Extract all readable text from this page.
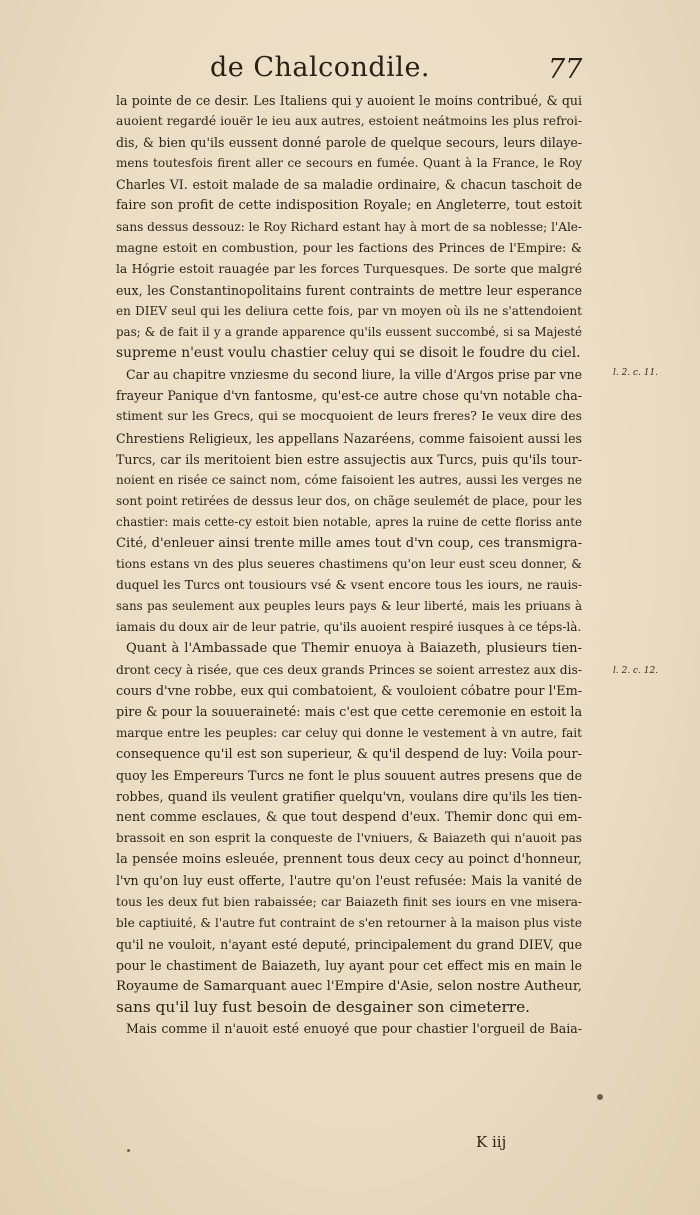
de Chalcondile.	77
la pointe de ce desir. Les Italiens qui y auoient le moins contribué, & qui
auoient regardé iouër le ieu aux autres, estoient neátmoins les plus refroi-
dis, & bien qu'ils eussent donné parole de quelque secours, leurs dilaye-
mens toutesfois firent aller ce secours en fumée. Quant à la France, le Roy
Charles VI. estoit malade de sa maladie ordinaire, & chacun taschoit de
faire son profit de cette indisposition Royale; en Angleterre, tout estoit
sans dessus dessouz: le Roy Richard estant hay à mort de sa noblesse; l'Ale-
magne estoit en combustion, pour les factions des Princes de l'Empire: &
la Hógrie estoit rauagée par les forces Turquesques. De sorte que malgré
eux, les Constantinopolitains furent contraints de mettre leur esperance
en DIEV seul qui les deliura cette fois, par vn moyen où ils ne s'attendoient
pas; & de fait il y a grande apparence qu'ils eussent succombé, si sa Majesté
supreme n'eust voulu chastier celuy qui se disoit le foudre du ciel.
Car au chapitre vnziesme du second liure, la ville d'Argos prise par vne
frayeur Panique d'vn fantosme, qu'est-ce autre chose qu'vn notable cha-
stiment sur les Grecs, qui se mocquoient de leurs freres? Ie veux dire des
Chrestiens Religieux, les appellans Nazaréens, comme faisoient aussi les
Turcs, car ils meritoient bien estre assujectis aux Turcs, puis qu'ils tour-
noient en risée ce sainct nom, cóme faisoient les autres, aussi les verges ne
sont point retirées de dessus leur dos, on chãge seulemét de place, pour les
chastier: mais cette-cy estoit bien notable, apres la ruine de cette floriss ante
Cité, d'enleuer ainsi trente mille ames tout d'vn coup, ces transmigra-
tions estans vn des plus seueres chastimens qu'on leur eust sceu donner, &
duquel les Turcs ont tousiours vsé & vsent encore tous les iours, ne rauis-
sans pas seulement aux peuples leurs pays & leur liberté, mais les priuans à
iamais du doux air de leur patrie, qu'ils auoient respiré iusques à ce téps-là.
Quant à l'Ambassade que Themir enuoya à Baiazeth, plusieurs tien-
dront cecy à risée, que ces deux grands Princes se soient arrestez aux dis-
cours d'vne robbe, eux qui combatoient, & vouloient cóbatre pour l'Em-
pire & pour la souueraineté: mais c'est que cette ceremonie en estoit la
marque entre les peuples: car celuy qui donne le vestement à vn autre, fait
consequence qu'il est son superieur, & qu'il despend de luy: Voila pour-
quoy les Empereurs Turcs ne font le plus souuent autres presens que de
robbes, quand ils veulent gratifier quelqu'vn, voulans dire qu'ils les tien-
nent comme esclaues, & que tout despend d'eux. Themir donc qui em-
brassoit en son esprit la conqueste de l'vniuers, & Baiazeth qui n'auoit pas
la pensée moins esleuée, prennent tous deux cecy au poinct d'honneur,
l'vn qu'on luy eust offerte, l'autre qu'on l'eust refusée: Mais la vanité de
tous les deux fut bien rabaissée; car Baiazeth finit ses iours en vne misera-
ble captiuité, & l'autre fut contraint de s'en retourner à la maison plus viste
qu'il ne vouloit, n'ayant esté deputé, principalement du grand DIEV, que
pour le chastiment de Baiazeth, luy ayant pour cet effect mis en main le
Royaume de Samarquant auec l'Empire d'Asie, selon nostre Autheur,
sans qu'il luy fust besoin de desgainer son cimeterre.
Mais comme il n'auoit esté enuoyé que pour chastier l'orgueil de Baia-
l. 2. c. 11.
l. 2. c. 12.
K iij
